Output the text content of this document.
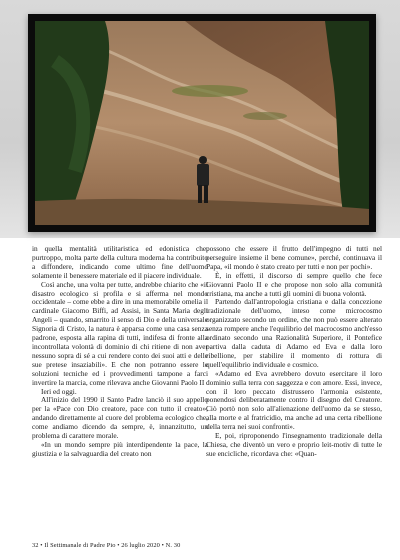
in quella mentalità utilitaristica ed edonistica che, purtroppo, molta parte della cultura moderna ha contribuito a diffondere, indicando come ultimo fine dell'uomo solamente il benessere materiale ed il piacere individuale.

Così anche, una volta per tutte, andrebbe chiarito che «il disastro ecologico si profila e si afferma nel mondo occidentale – come ebbe a dire in una memorabile omelia il cardinale Giacomo Biffi, ad Assisi, in Santa Maria degli Angeli – quando, smarrito il senso di Dio e della universale Signoria di Cristo, la natura è apparsa come una casa senza padrone, esposta alla rapina di tutti, indifesa di fronte alla incontrollata volontà di dominio di chi ritiene di non aver nessuno sopra di sé a cui rendere conto dei suoi atti e delle sue pretese insaziabili». E che non potranno essere le soluzioni tecniche ed i provvedimenti tampone a farci invertire la marcia, come rilevava anche Giovanni Paolo II

Ieri ed oggi.

All'inizio del 1990 il Santo Padre lanciò il suo appello per la «Pace con Dio creatore, pace con tutto il creato», andando direttamente al cuore del problema ecologico che, come andiamo dicendo da sempre, è, innanzitutto, un problema di carattere morale.

«In un mondo sempre più interdipendente la pace, la giustizia e la salvaguardia del creato non

possono che essere il frutto dell'impegno di tutti nel perseguire insieme il bene comune», perché, continuava il Papa, «il mondo è stato creato per tutti e non per pochi».

È, in effetti, il discorso di sempre quello che fece Giovanni Paolo II e che propose non solo alla comunità cristiana, ma anche a tutti gli uomini di buona volontà.

Partendo dall'antropologia cristiana e dalla concezione tradizionale dell'uomo, inteso come microcosmo organizzato secondo un ordine, che non può essere alterato senza rompere anche l'equilibrio del macrocosmo anch'esso ordinato secondo una Razionalità Superiore, il Pontefice partiva dalla caduta di Adamo ed Eva e dalla loro ribellione, per stabilire il momento di rottura di quell'equilibrio individuale e cosmico.

«Adamo ed Eva avrebbero dovuto esercitare il loro dominio sulla terra con saggezza e con amore. Essi, invece, con il loro peccato distrussero l'armonia esistente, ponendosi deliberatamente contro il disegno del Creatore. Ciò portò non solo all'alienazione dell'uomo da se stesso, alla morte e al fratricidio, ma anche ad una certa ribellione della terra nei suoi confronti».

E, poi, riproponendo l'insegnamento tradizionale della Chiesa, che diventò un vero e proprio leit-motiv di tutte le sue encicliche, ricordava che: «Quan-

32 • Il Settimanale di Padre Pio • 26 luglio 2020 • N. 30
